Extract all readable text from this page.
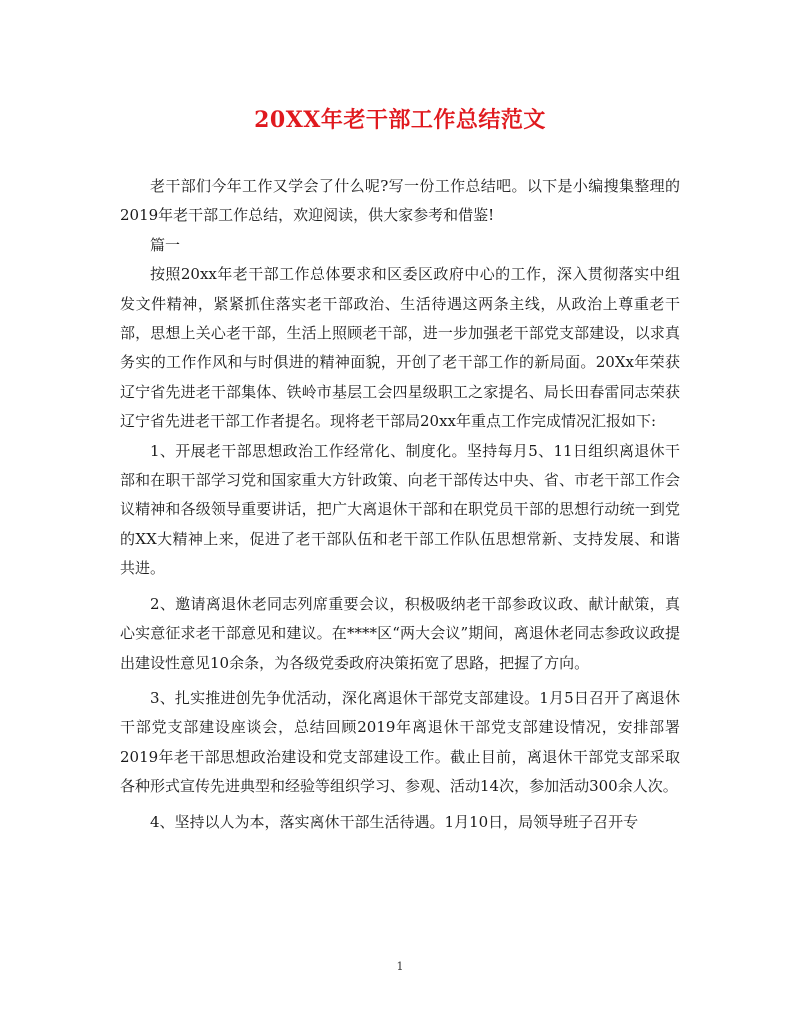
20XX年老干部工作总结范文

老干部们今年工作又学会了什么呢?写一份工作总结吧。以下是小编搜集整理的2019年老干部工作总结，欢迎阅读，供大家参考和借鉴!

篇一

按照20xx年老干部工作总体要求和区委区政府中心的工作，深入贯彻落实中组发文件精神，紧紧抓住落实老干部政治、生活待遇这两条主线，从政治上尊重老干部，思想上关心老干部，生活上照顾老干部，进一步加强老干部党支部建设，以求真务实的工作作风和与时俱进的精神面貌，开创了老干部工作的新局面。20Xx年荣获辽宁省先进老干部集体、铁岭市基层工会四星级职工之家提名、局长田春雷同志荣获辽宁省先进老干部工作者提名。现将老干部局20xx年重点工作完成情况汇报如下:

1、开展老干部思想政治工作经常化、制度化。坚持每月5、11日组织离退休干部和在职干部学习党和国家重大方针政策、向老干部传达中央、省、市老干部工作会议精神和各级领导重要讲话，把广大离退休干部和在职党员干部的思想行动统一到党的XX大精神上来，促进了老干部队伍和老干部工作队伍思想常新、支持发展、和谐共进。

2、邀请离退休老同志列席重要会议，积极吸纳老干部参政议政、献计献策，真心实意征求老干部意见和建议。在****区“两大会议”期间，离退休老同志参政议政提出建设性意见10余条，为各级党委政府决策拓宽了思路，把握了方向。

3、扎实推进创先争优活动，深化离退休干部党支部建设。1月5日召开了离退休干部党支部建设座谈会，总结回顾2019年离退休干部党支部建设情况，安排部署2019年老干部思想政治建设和党支部建设工作。截止目前，离退休干部党支部采取各种形式宣传先进典型和经验等组织学习、参观、活动14次，参加活动300余人次。

4、坚持以人为本，落实离休干部生活待遇。1月10日，局领导班子召开专

1
